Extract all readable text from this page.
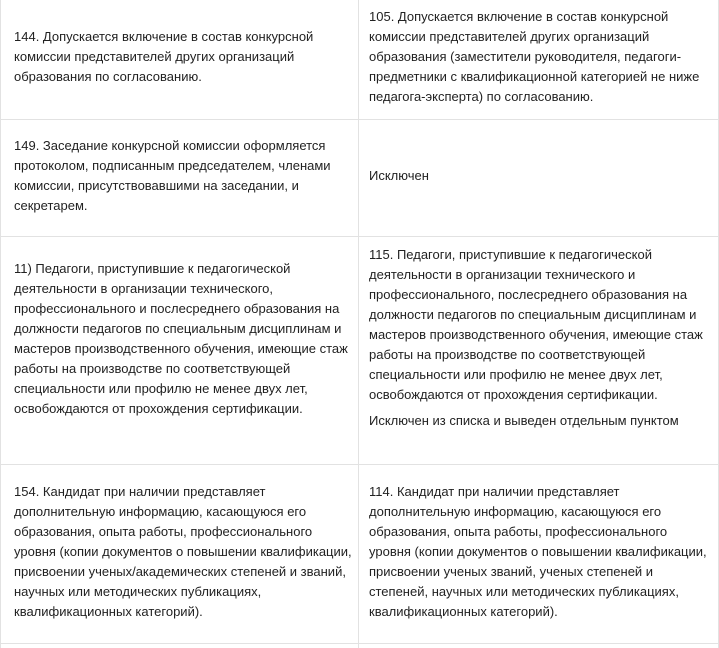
144. Допускается включение в состав конкурсной комиссии представителей других организаций образования по согласованию.

105. Допускается включение в состав конкурсной комиссии представителей других организаций образования (заместители руководителя, педагоги-предметники с квалификационной категорией не ниже педагога-эксперта) по согласованию.

149. Заседание конкурсной комиссии оформляется протоколом, подписанным председателем, членами комиссии, присутствовавшими на заседании, и секретарем.

Исключен

11) Педагоги, приступившие к педагогической деятельности в организации технического, профессионального и послесреднего образования на должности педагогов по специальным дисциплинам и мастеров производственного обучения, имеющие стаж работы на производстве по соответствующей специальности или профилю не менее двух лет, освобождаются от прохождения сертификации.

115. Педагоги, приступившие к педагогической деятельности в организации технического и профессионального, послесреднего образования на должности педагогов по специальным дисциплинам и мастеров производственного обучения, имеющие стаж работы на производстве по соответствующей специальности или профилю не менее двух лет, освобождаются от прохождения сертификации.

Исключен из списка и выведен отдельным пунктом

154. Кандидат при наличии представляет дополнительную информацию, касающуюся его образования, опыта работы, профессионального уровня (копии документов о повышении квалификации, присвоении ученых/академических степеней и званий, научных или методических публикациях, квалификационных категорий).

114. Кандидат при наличии представляет дополнительную информацию, касающуюся его образования, опыта работы, профессионального уровня (копии документов о повышении квалификации, присвоении ученых званий, ученых степеней и степеней, научных или методических публикациях, квалификационных категорий).
